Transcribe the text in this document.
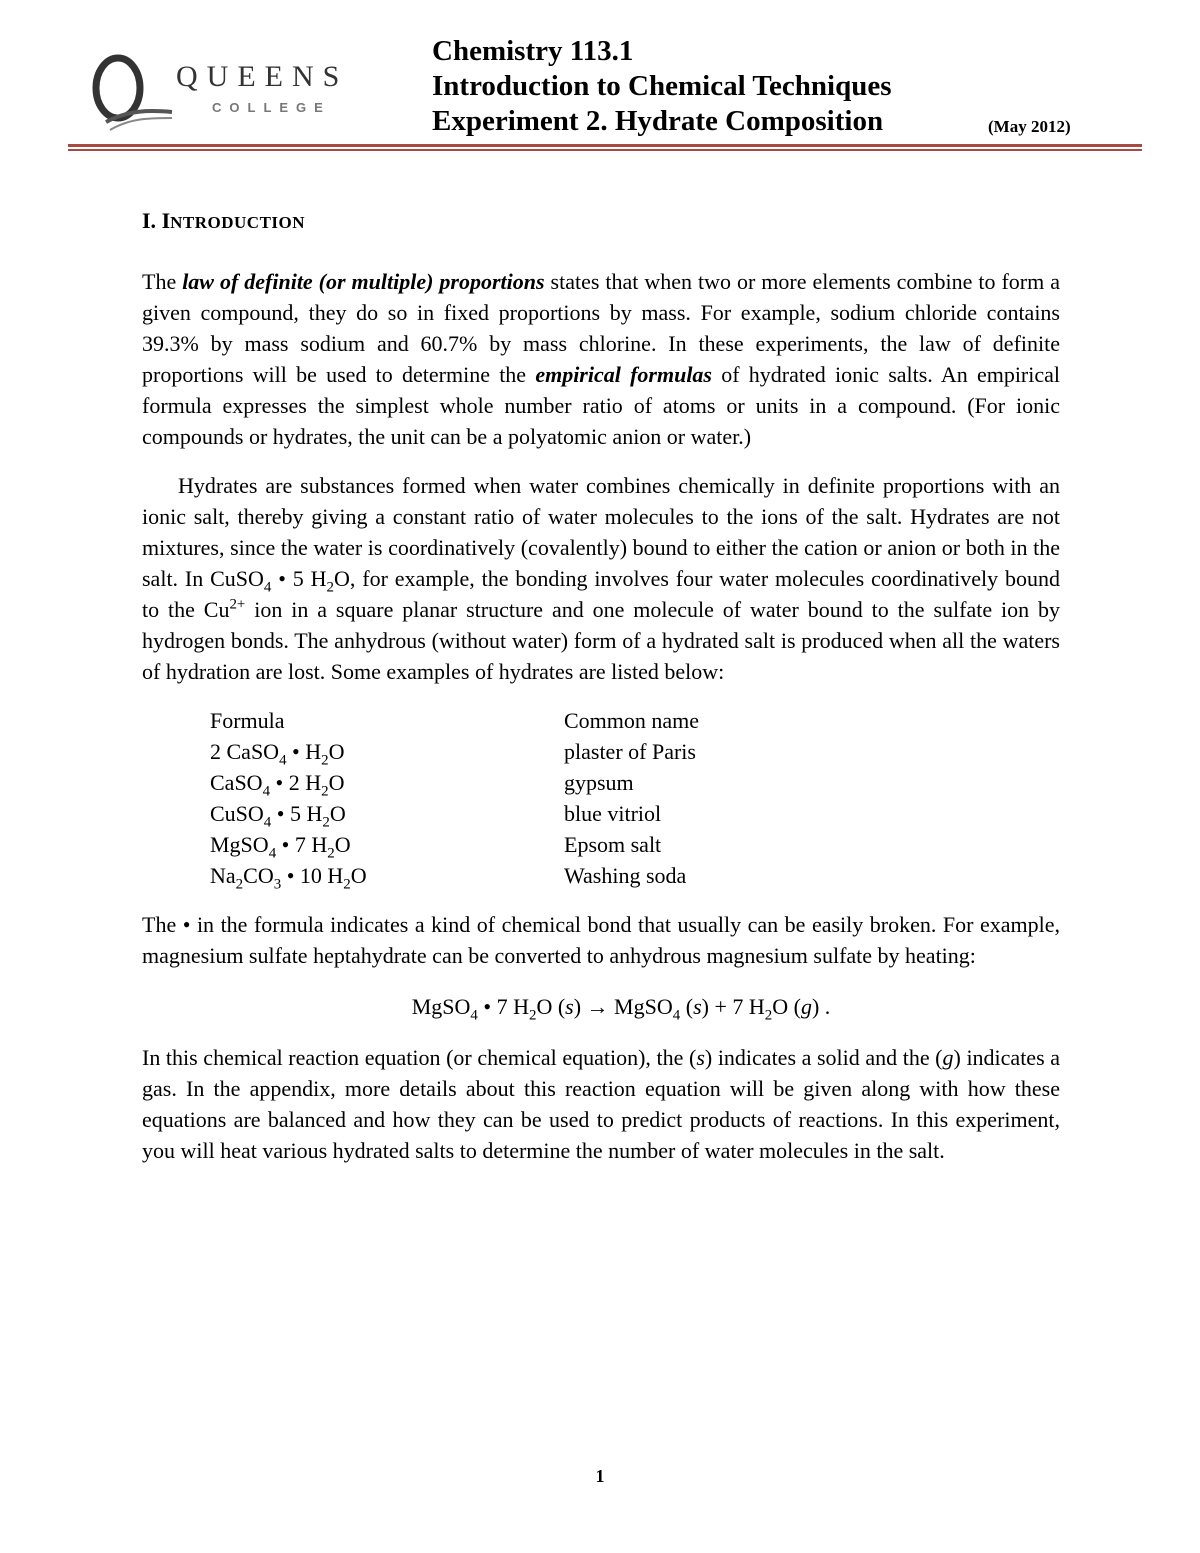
QUEENS
COLLEGE
Chemistry 113.1
Introduction to Chemical Techniques
Experiment 2. Hydrate Composition	(May 2012)
I. INTRODUCTION

The law of definite (or multiple) proportions states that when two or more elements combine to form a given compound, they do so in fixed proportions by mass. For example, sodium chloride contains 39.3% by mass sodium and 60.7% by mass chlorine. In these experiments, the law of definite proportions will be used to determine the empirical formulas of hydrated ionic salts. An empirical formula expresses the simplest whole number ratio of atoms or units in a compound. (For ionic compounds or hydrates, the unit can be a polyatomic anion or water.)

Hydrates are substances formed when water combines chemically in definite proportions with an ionic salt, thereby giving a constant ratio of water molecules to the ions of the salt. Hydrates are not mixtures, since the water is coordinatively (covalently) bound to either the cation or anion or both in the salt. In CuSO$_4$ • 5 $H_2O$, for example, the bonding involves four water molecules coordinatively bound to the $Cu^{2+}$ ion in a square planar structure and one molecule of water bound to the sulfate ion by hydrogen bonds. The anhydrous (without water) form of a hydrated salt is produced when all the waters of hydration are lost. Some examples of hydrates are listed below:

Formula	Common name
2 CaSO$_4$ • $H_2O$	plaster of Paris
CaSO$_4$ • 2 $H_2O$	gypsum
CuSO$_4$ • 5 $H_2O$	blue vitriol
MgSO$_4$ • 7 $H_2O$	Epsom salt
$Na_2CO_3$ • 10 $H_2O$	Washing soda

The • in the formula indicates a kind of chemical bond that usually can be easily broken. For example, magnesium sulfate heptahydrate can be converted to anhydrous magnesium sulfate by heating:

MgSO$_4$ • 7 $H_2O$ (s) → MgSO$_4$ (s) + 7 $H_2O$ (g) .

In this chemical reaction equation (or chemical equation), the (s) indicates a solid and the (g) indicates a gas. In the appendix, more details about this reaction equation will be given along with how these equations are balanced and how they can be used to predict products of reactions. In this experiment, you will heat various hydrated salts to determine the number of water molecules in the salt.

1
